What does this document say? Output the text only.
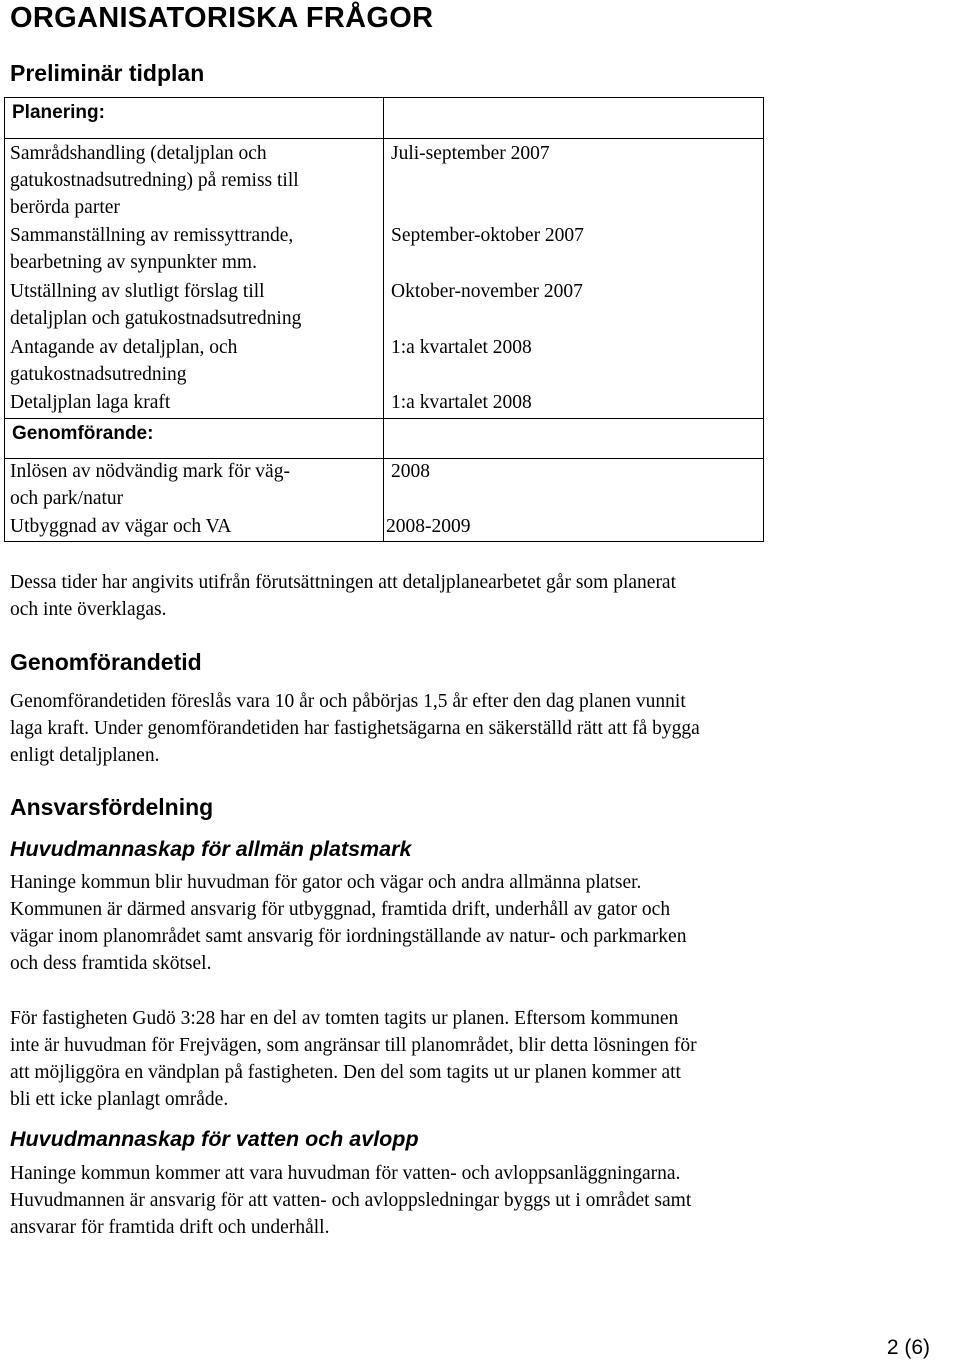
ORGANISATORISKA FRÅGOR
Preliminär tidplan
Planering:
Samrådshandling (detaljplan och
gatukostnadsutredning) på remiss till
berörda parter
Juli-september 2007
Sammanställning av remissyttrande,
bearbetning av synpunkter mm.
September-oktober 2007
Utställning av slutligt förslag till
detaljplan och gatukostnadsutredning
Oktober-november 2007
Antagande av detaljplan, och
gatukostnadsutredning
1:a kvartalet 2008
Detaljplan laga kraft	1:a kvartalet 2008
Genomförande:
Inlösen av nödvändig mark för väg-
och park/natur
2008
Utbyggnad av vägar och VA	2008-2009
Dessa tider har angivits utifrån förutsättningen att detaljplanearbetet går som planerat
och inte överklagas.
Genomförandetid
Genomförandetiden föreslås vara 10 år och påbörjas 1,5 år efter den dag planen vunnit
laga kraft. Under genomförandetiden har fastighetsägarna en säkerställd rätt att få bygga
enligt detaljplanen.
Ansvarsfördelning
Huvudmannaskap för allmän platsmark
Haninge kommun blir huvudman för gator och vägar och andra allmänna platser.
Kommunen är därmed ansvarig för utbyggnad, framtida drift, underhåll av gator och
vägar inom planområdet samt ansvarig för iordningställande av natur- och parkmarken
och dess framtida skötsel.
För fastigheten Gudö 3:28 har en del av tomten tagits ur planen. Eftersom kommunen
inte är huvudman för Frejvägen, som angränsar till planområdet, blir detta lösningen för
att möjliggöra en vändplan på fastigheten. Den del som tagits ut ur planen kommer att
bli ett icke planlagt område.
Huvudmannaskap för vatten och avlopp
Haninge kommun kommer att vara huvudman för vatten- och avloppsanläggningarna.
Huvudmannen är ansvarig för att vatten- och avloppsledningar byggs ut i området samt
ansvarar för framtida drift och underhåll.
2 (6)
